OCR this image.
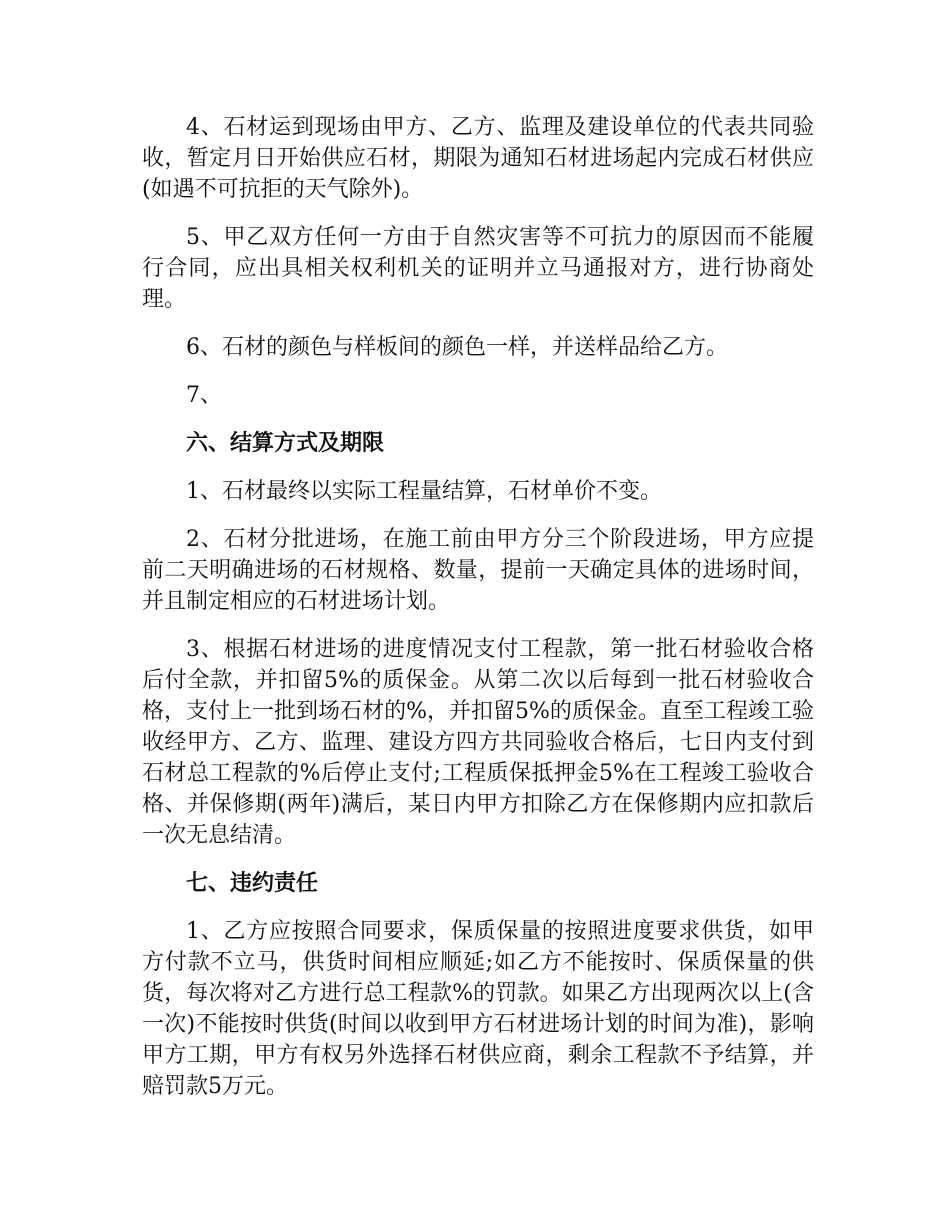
4、石材运到现场由甲方、乙方、监理及建设单位的代表共同验收，暂定月日开始供应石材，期限为通知石材进场起内完成石材供应(如遇不可抗拒的天气除外)。

5、甲乙双方任何一方由于自然灾害等不可抗力的原因而不能履行合同，应出具相关权利机关的证明并立马通报对方，进行协商处理。

6、石材的颜色与样板间的颜色一样，并送样品给乙方。

7、

六、结算方式及期限

1、石材最终以实际工程量结算，石材单价不变。

2、石材分批进场，在施工前由甲方分三个阶段进场，甲方应提前二天明确进场的石材规格、数量，提前一天确定具体的进场时间，并且制定相应的石材进场计划。

3、根据石材进场的进度情况支付工程款，第一批石材验收合格后付全款，并扣留5%的质保金。从第二次以后每到一批石材验收合格，支付上一批到场石材的%，并扣留5%的质保金。直至工程竣工验收经甲方、乙方、监理、建设方四方共同验收合格后，七日内支付到石材总工程款的%后停止支付;工程质保抵押金5%在工程竣工验收合格、并保修期(两年)满后，某日内甲方扣除乙方在保修期内应扣款后一次无息结清。

七、违约责任

1、乙方应按照合同要求，保质保量的按照进度要求供货，如甲方付款不立马，供货时间相应顺延;如乙方不能按时、保质保量的供货，每次将对乙方进行总工程款%的罚款。如果乙方出现两次以上(含一次)不能按时供货(时间以收到甲方石材进场计划的时间为准)，影响甲方工期，甲方有权另外选择石材供应商，剩余工程款不予结算，并赔罚款5万元。
